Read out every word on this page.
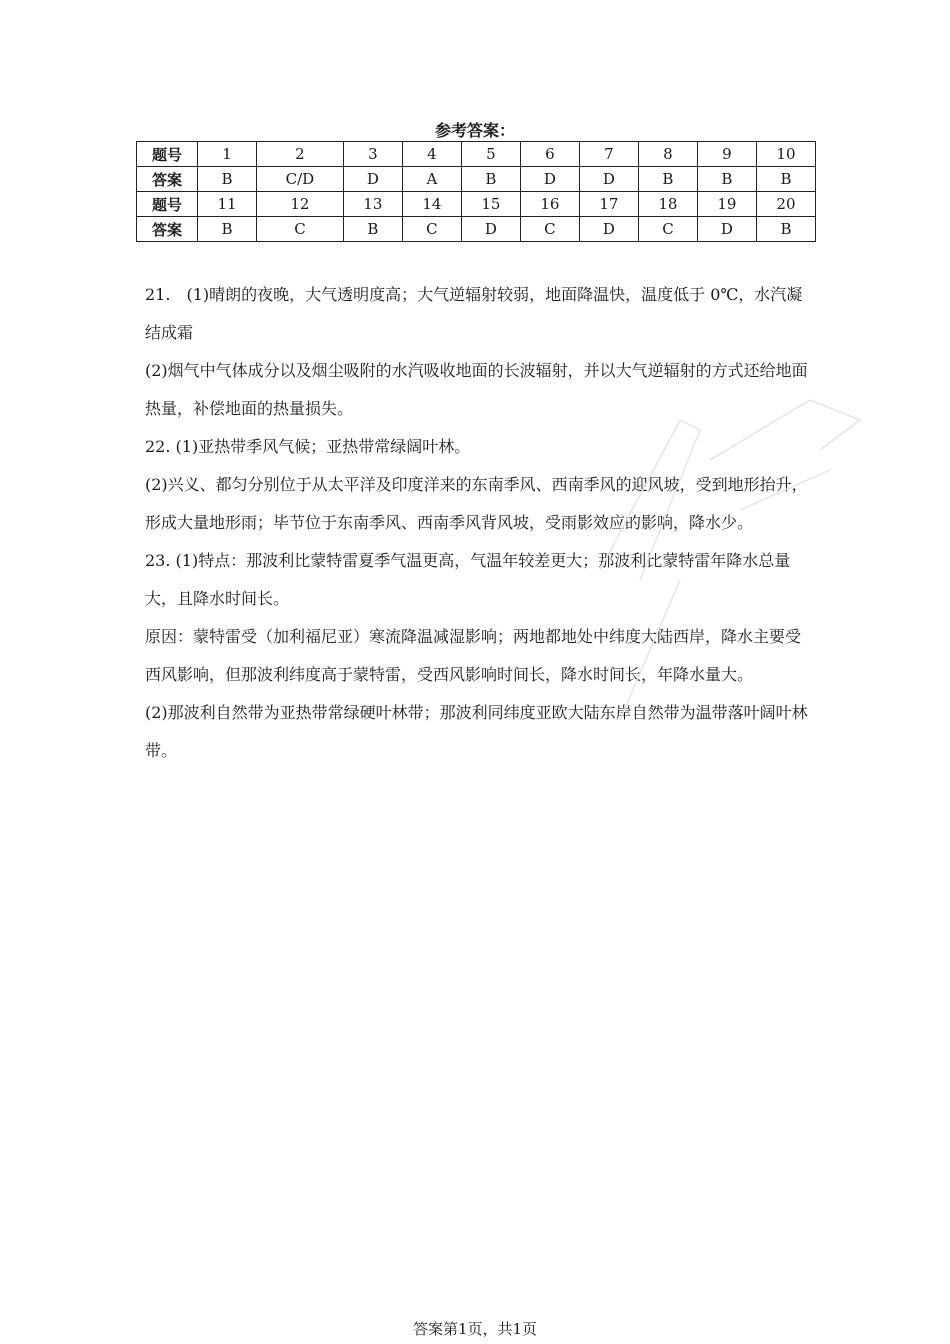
参考答案：
题号	1	2	3	4	5	6	7	8	9	10
答案	B	C/D	D	A	B	D	D	B	B	B
题号	11	12	13	14	15	16	17	18	19	20
答案	B	C	B	C	D	C	D	C	D	B

21.　(1)晴朗的夜晚，大气透明度高；大气逆辐射较弱，地面降温快，温度低于 0℃，水汽凝结成霜

(2)烟气中气体成分以及烟尘吸附的水汽吸收地面的长波辐射，并以大气逆辐射的方式还给地面热量，补偿地面的热量损失。

22. (1)亚热带季风气候；亚热带常绿阔叶林。

(2)兴义、都匀分别位于从太平洋及印度洋来的东南季风、西南季风的迎风坡，受到地形抬升，形成大量地形雨；毕节位于东南季风、西南季风背风坡，受雨影效应的影响，降水少。

23. (1)特点：那波利比蒙特雷夏季气温更高，气温年较差更大；那波利比蒙特雷年降水总量大，且降水时间长。

原因：蒙特雷受（加利福尼亚）寒流降温减湿影响；两地都地处中纬度大陆西岸，降水主要受西风影响，但那波利纬度高于蒙特雷，受西风影响时间长，降水时间长，年降水量大。

(2)那波利自然带为亚热带常绿硬叶林带；那波利同纬度亚欧大陆东岸自然带为温带落叶阔叶林带。

答案第1页，共1页
